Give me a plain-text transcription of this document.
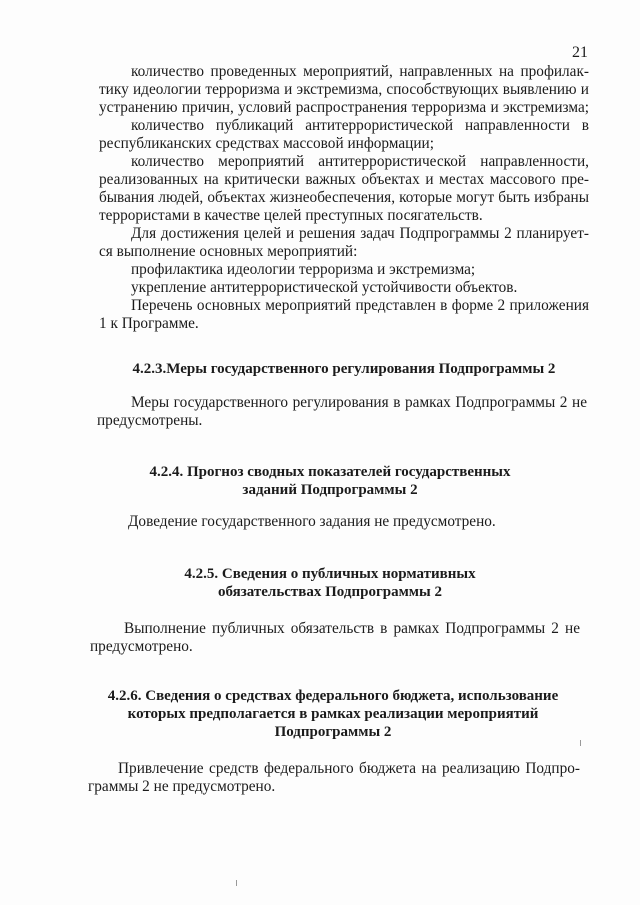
21
количество проведенных мероприятий, направленных на профилак-
тику идеологии терроризма и экстремизма, способствующих выявлению и
устранению причин, условий распространения терроризма и экстремизма;
количество публикаций антитеррористической направленности в
республиканских средствах массовой информации;
количество мероприятий антитеррористической направленности,
реализованных на критически важных объектах и местах массового пре-
бывания людей, объектах жизнеобеспечения, которые могут быть избраны
террористами в качестве целей преступных посягательств.
Для достижения целей и решения задач Подпрограммы 2 планирует-
ся выполнение основных мероприятий:
профилактика идеологии терроризма и экстремизма;
укрепление антитеррористической устойчивости объектов.
Перечень основных мероприятий представлен в форме 2 приложения
1 к Программе.
4.2.3.Меры государственного регулирования Подпрограммы 2
Меры государственного регулирования в рамках Подпрограммы 2 не
предусмотрены.
4.2.4. Прогноз сводных показателей государственных
заданий Подпрограммы 2
Доведение государственного задания не предусмотрено.
4.2.5. Сведения о публичных нормативных
обязательствах Подпрограммы 2
Выполнение публичных обязательств в рамках Подпрограммы 2 не
предусмотрено.
4.2.6. Сведения о средствах федерального бюджета, использование
которых предполагается в рамках реализации мероприятий
Подпрограммы 2
Привлечение средств федерального бюджета на реализацию Подпро-
граммы 2 не предусмотрено.
